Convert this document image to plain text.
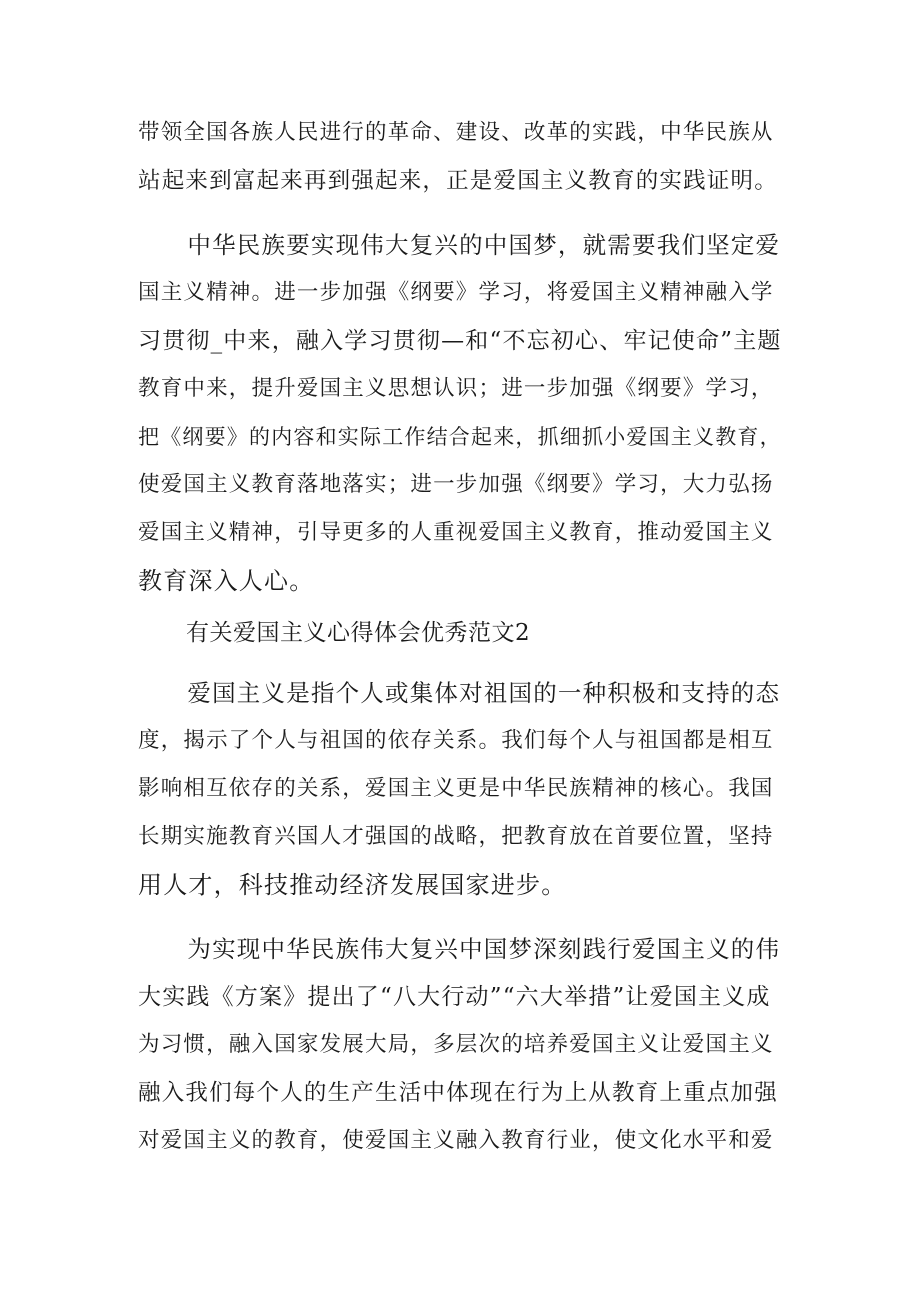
带领全国各族人民进行的革命、建设、改革的实践，中华民族从
站起来到富起来再到强起来，正是爱国主义教育的实践证明。
　　中华民族要实现伟大复兴的中国梦，就需要我们坚定爱
国主义精神。进一步加强《纲要》学习，将爱国主义精神融入学
习贯彻_中来，融入学习贯彻—和“不忘初心、牢记使命”主题
教育中来，提升爱国主义思想认识；进一步加强《纲要》学习，
把《纲要》的内容和实际工作结合起来，抓细抓小爱国主义教育，
使爱国主义教育落地落实；进一步加强《纲要》学习，大力弘扬
爱国主义精神，引导更多的人重视爱国主义教育，推动爱国主义
教育深入人心。
有关爱国主义心得体会优秀范文2
　　爱国主义是指个人或集体对祖国的一种积极和支持的态
度，揭示了个人与祖国的依存关系。我们每个人与祖国都是相互
影响相互依存的关系，爱国主义更是中华民族精神的核心。我国
长期实施教育兴国人才强国的战略，把教育放在首要位置，坚持
用人才，科技推动经济发展国家进步。
　　为实现中华民族伟大复兴中国梦深刻践行爱国主义的伟
大实践《方案》提出了“八大行动”“六大举措”让爱国主义成
为习惯，融入国家发展大局，多层次的培养爱国主义让爱国主义
融入我们每个人的生产生活中体现在行为上从教育上重点加强
对爱国主义的教育，使爱国主义融入教育行业，使文化水平和爱
